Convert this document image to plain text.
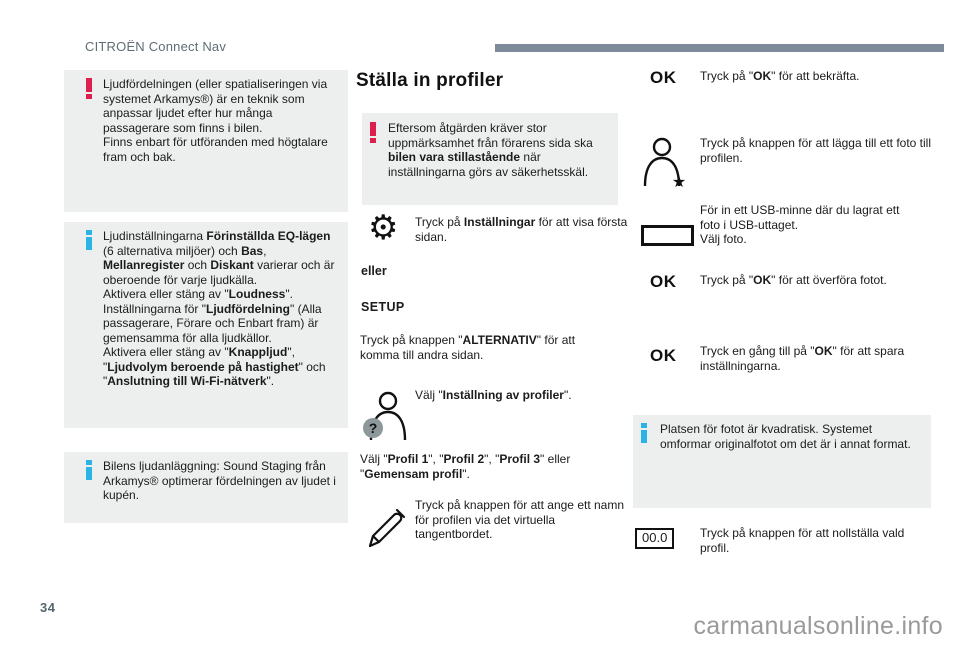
CITROËN Connect Nav
Ljudfördelningen (eller spatialiseringen via systemet Arkamys®) är en teknik som anpassar ljudet efter hur många passagerare som finns i bilen.
Finns enbart för utföranden med högtalare fram och bak.
Ljudinställningarna Förinställda EQ-lägen (6 alternativa miljöer) och Bas, Mellanregister och Diskant varierar och är oberoende för varje ljudkälla.
Aktivera eller stäng av "Loudness".
Inställningarna för "Ljudfördelning" (Alla passagerare, Förare och Enbart fram) är gemensamma för alla ljudkällor.
Aktivera eller stäng av "Knappljud", "Ljudvolym beroende på hastighet" och "Anslutning till Wi-Fi-nätverk".
Bilens ljudanläggning: Sound Staging från Arkamys® optimerar fördelningen av ljudet i kupén.
Ställa in profiler
Eftersom åtgärden kräver stor uppmärksamhet från förarens sida ska bilen vara stillastående när inställningarna görs av säkerhetsskäl.
⚙ Tryck på Inställningar för att visa första sidan.
eller
SETUP
Tryck på knappen "ALTERNATIV" för att komma till andra sidan.
?
Välj "Inställning av profiler".
Välj "Profil 1", "Profil 2", "Profil 3" eller "Gemensam profil".
Tryck på knappen för att ange ett namn för profilen via det virtuella tangentbordet.
OK Tryck på "OK" för att bekräfta.
★
Tryck på knappen för att lägga till ett foto till profilen.
För in ett USB-minne där du lagrat ett foto i USB-uttaget.
Välj foto.
OK Tryck på "OK" för att överföra fotot.
OK Tryck en gång till på "OK" för att spara inställningarna.
Platsen för fotot är kvadratisk. Systemet omformar originalfotot om det är i annat format.
00.0	Tryck på knappen för att nollställa vald profil.
34
carmanualsonline.info
